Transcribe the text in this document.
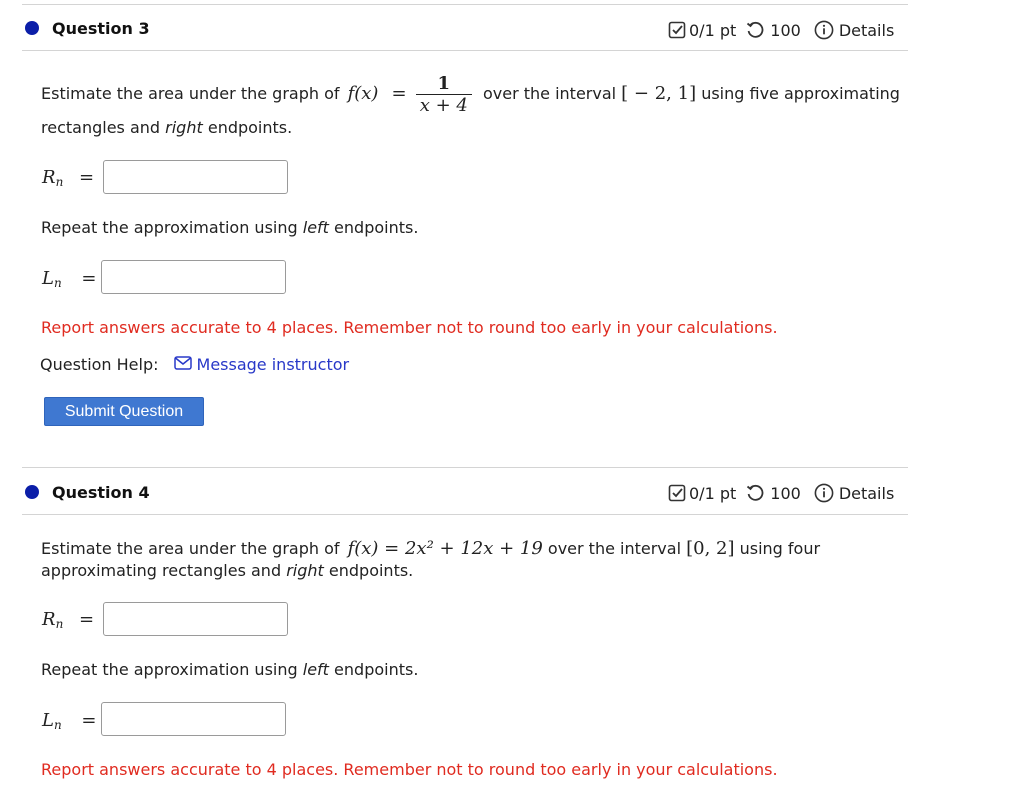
Question 3	0/1 pt 100 Details
Estimate the area under the graph of $f(x) = \frac{1}{x + 4}$ over the interval [ − 2, 1] using five approximating
rectangles and right endpoints.
$R_n$ =
Repeat the approximation using left endpoints.
$L_n$ =
Report answers accurate to 4 places. Remember not to round too early in your calculations.
Question Help: Message instructor
Submit Question
Question 4	0/1 pt 100 Details
Estimate the area under the graph of f(x) = 2x² + 12x + 19 over the interval [0, 2] using four
approximating rectangles and right endpoints.
$R_n$ =
Repeat the approximation using left endpoints.
$L_n$ =
Report answers accurate to 4 places. Remember not to round too early in your calculations.
